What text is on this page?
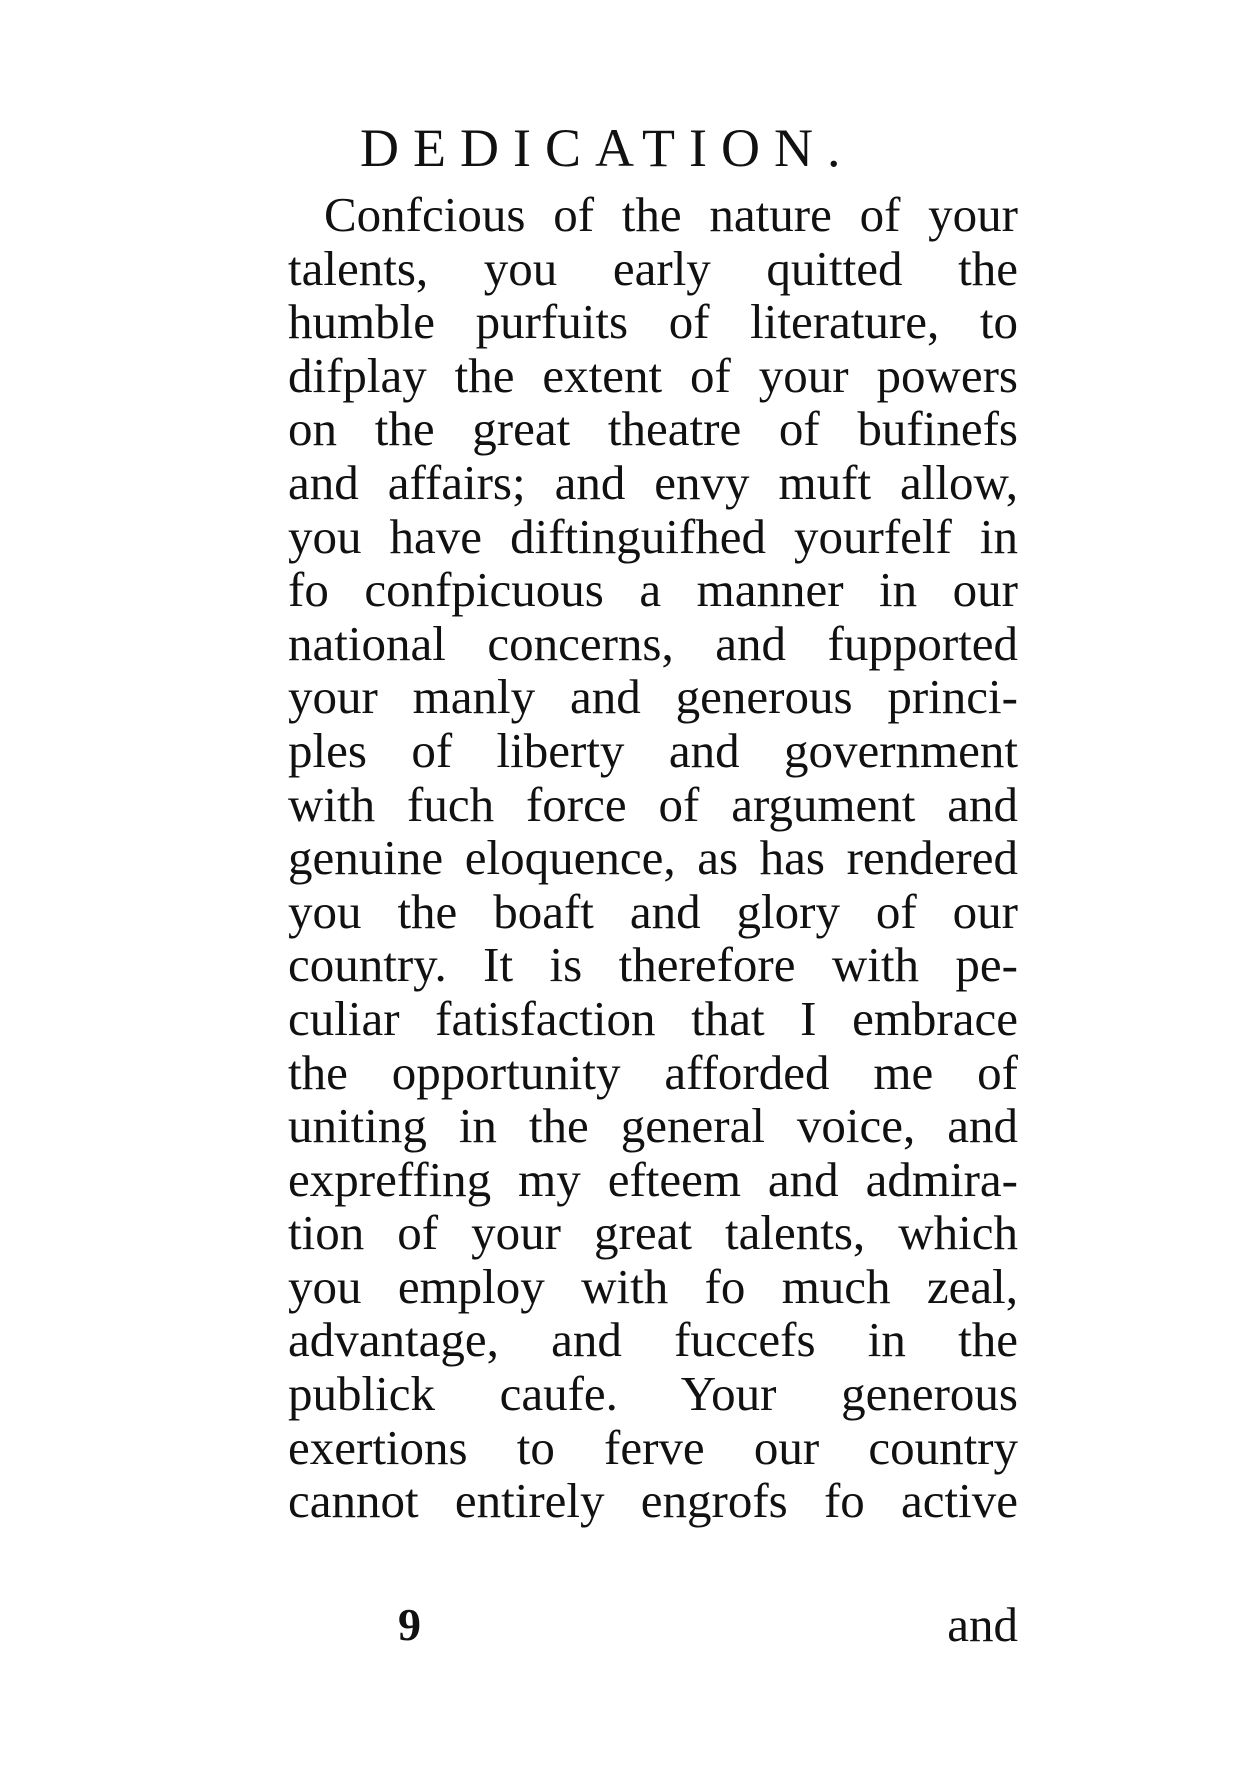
DEDICATION.
Confcious of the nature of your
talents, you early quitted the
humble purfuits of literature, to
difplay the extent of your powers
on the great theatre of bufinefs
and affairs; and envy muft allow,
you have diftinguifhed yourfelf in
fo confpicuous a manner in our
national concerns, and fupported
your manly and generous princi-
ples of liberty and government
with fuch force of argument and
genuine eloquence, as has rendered
you the boaft and glory of our
country. It is therefore with pe-
culiar fatisfaction that I embrace
the opportunity afforded me of
uniting in the general voice, and
expreffing my efteem and admira-
tion of your great talents, which
you employ with fo much zeal,
advantage, and fuccefs in the
publick caufe. Your generous
exertions to ferve our country
cannot entirely engrofs fo active
9	and
